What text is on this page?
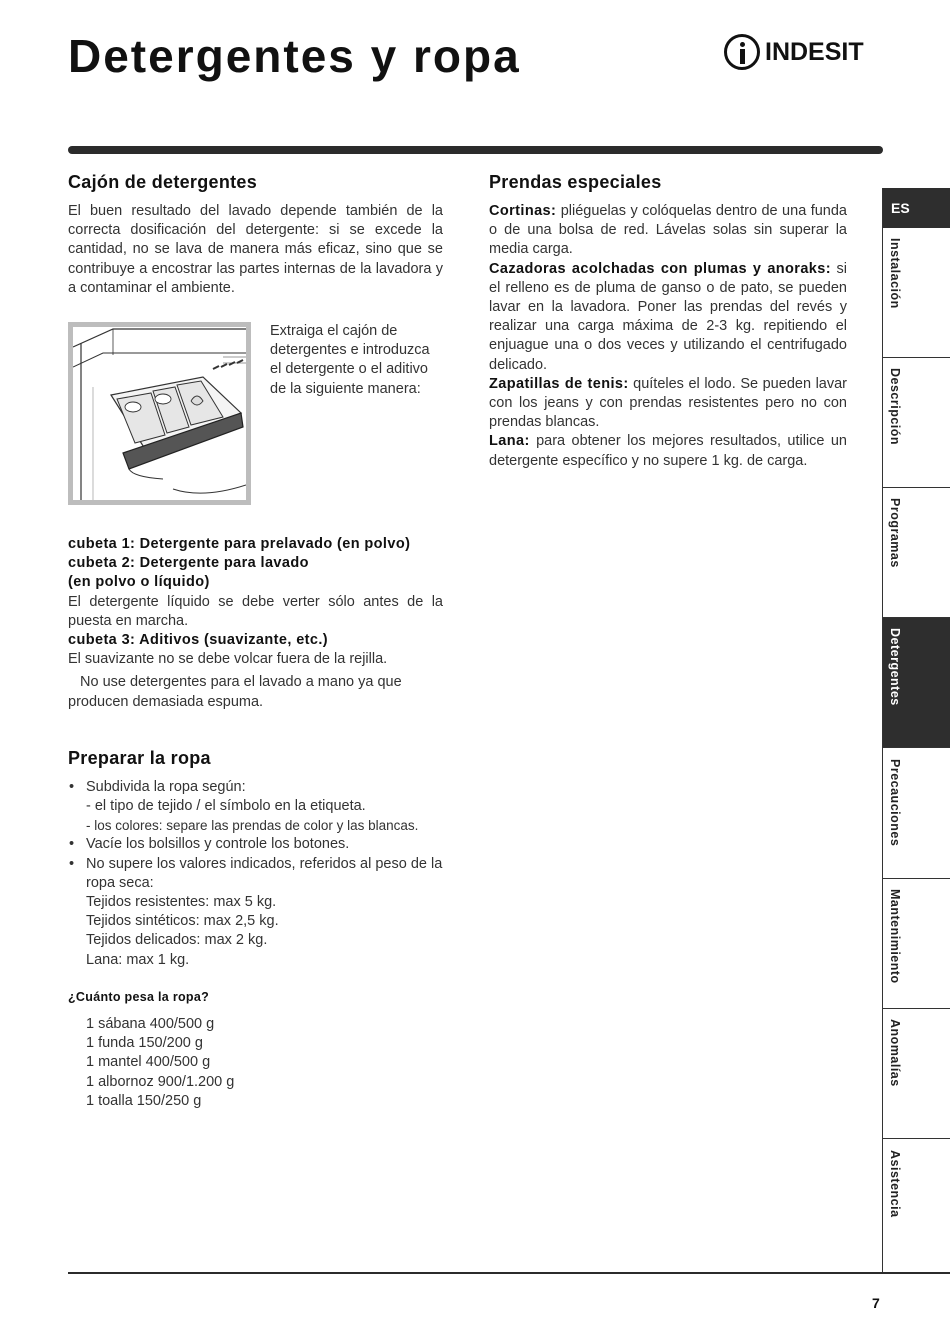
Detergentes y ropa	INDESIT
Cajón de detergentes

El buen resultado del lavado depende también de la correcta dosificación del detergente: si se excede la cantidad, no se lava de manera más eficaz, sino que se contribuye a encostrar las partes internas de la lavadora y a contaminar el ambiente.

Extraiga el cajón de detergentes e introduzca el detergente o el aditivo de la siguiente manera:

cubeta 1: Detergente para prelavado (en polvo)

cubeta 2: Detergente para lavado

(en polvo o líquido)

El detergente líquido se debe verter sólo antes de la puesta en marcha.

cubeta 3: Aditivos (suavizante, etc.)

El suavizante no se debe volcar fuera de la rejilla.

No use detergentes para el lavado a mano ya que producen demasiada espuma.

Preparar la ropa
• Subdivida la ropa según:
- el tipo de tejido / el símbolo en la etiqueta.
- los colores: separe las prendas de color y las blancas.
• Vacíe los bolsillos y controle los botones.
• No supere los valores indicados, referidos al peso de la ropa seca:
Tejidos resistentes: max 5 kg.
Tejidos sintéticos: max 2,5 kg.
Tejidos delicados: max 2 kg.
Lana: max 1 kg.
¿Cuánto pesa la ropa?
1 sábana 400/500 g
1 funda 150/200 g
1 mantel 400/500 g
1 albornoz 900/1.200 g
1 toalla 150/250 g
Prendas especiales

Cortinas: pliéguelas y colóquelas dentro de una funda o de una bolsa de red. Lávelas solas sin superar la media carga.

Cazadoras acolchadas con plumas y anoraks: si el relleno es de pluma de ganso o de pato, se pueden lavar en la lavadora. Poner las prendas del revés y realizar una carga máxima de 2-3 kg. repitiendo el enjuague una o dos veces y utilizando el centrifugado delicado.

Zapatillas de tenis: quíteles el lodo. Se pueden lavar con los jeans y con prendas resistentes pero no con prendas blancas.

Lana: para obtener los mejores resultados, utilice un detergente específico y no supere 1 kg. de carga.

ES
Instalación
Descripción
Programas
Detergentes
Precauciones
Mantenimiento
Anomalías
Asistencia
7
